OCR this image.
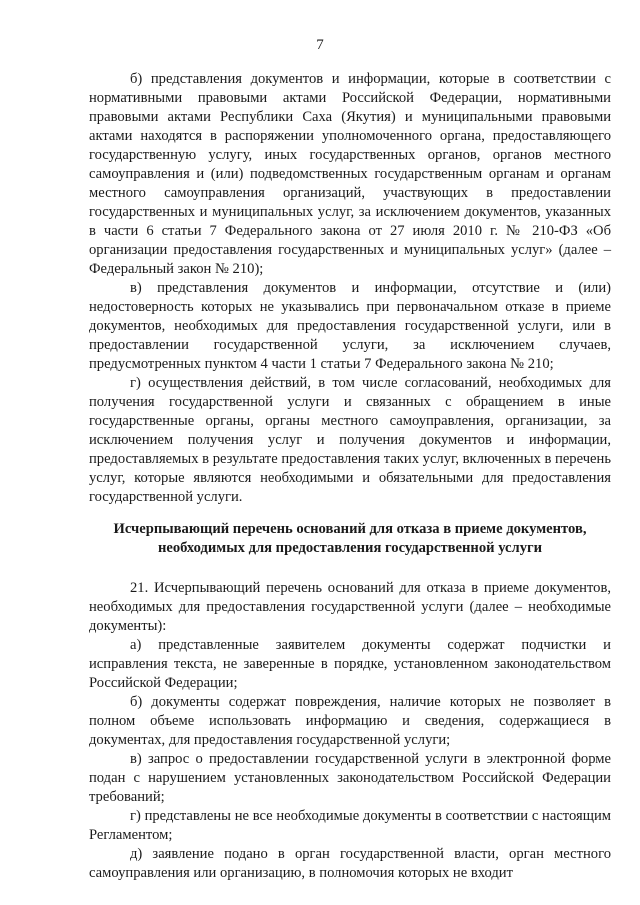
7

б) представления документов и информации, которые в соответствии с нормативными правовыми актами Российской Федерации, нормативными правовыми актами Республики Саха (Якутия) и муниципальными правовыми актами находятся в распоряжении уполномоченного органа, предоставляющего государственную услугу, иных государственных органов, органов местного самоуправления и (или) подведомственных государственным органам и органам местного самоуправления организаций, участвующих в предоставлении государственных и муниципальных услуг, за исключением документов, указанных в части 6 статьи 7 Федерального закона от 27 июля 2010 г. № 210-ФЗ «Об организации предоставления государственных и муниципальных услуг» (далее – Федеральный закон № 210);

в) представления документов и информации, отсутствие и (или) недостоверность которых не указывались при первоначальном отказе в приеме документов, необходимых для предоставления государственной услуги, или в предоставлении государственной услуги, за исключением случаев, предусмотренных пунктом 4 части 1 статьи 7 Федерального закона № 210;

г) осуществления действий, в том числе согласований, необходимых для получения государственной услуги и связанных с обращением в иные государственные органы, органы местного самоуправления, организации, за исключением получения услуг и получения документов и информации, предоставляемых в результате предоставления таких услуг, включенных в перечень услуг, которые являются необходимыми и обязательными для предоставления государственной услуги.

Исчерпывающий перечень оснований для отказа в приеме документов, необходимых для предоставления государственной услуги

21. Исчерпывающий перечень оснований для отказа в приеме документов, необходимых для предоставления государственной услуги (далее – необходимые документы):

а) представленные заявителем документы содержат подчистки и исправления текста, не заверенные в порядке, установленном законодательством Российской Федерации;

б) документы содержат повреждения, наличие которых не позволяет в полном объеме использовать информацию и сведения, содержащиеся в документах, для предоставления государственной услуги;

в) запрос о предоставлении государственной услуги в электронной форме подан с нарушением установленных законодательством Российской Федерации требований;

г) представлены не все необходимые документы в соответствии с настоящим Регламентом;

д) заявление подано в орган государственной власти, орган местного самоуправления или организацию, в полномочия которых не входит
